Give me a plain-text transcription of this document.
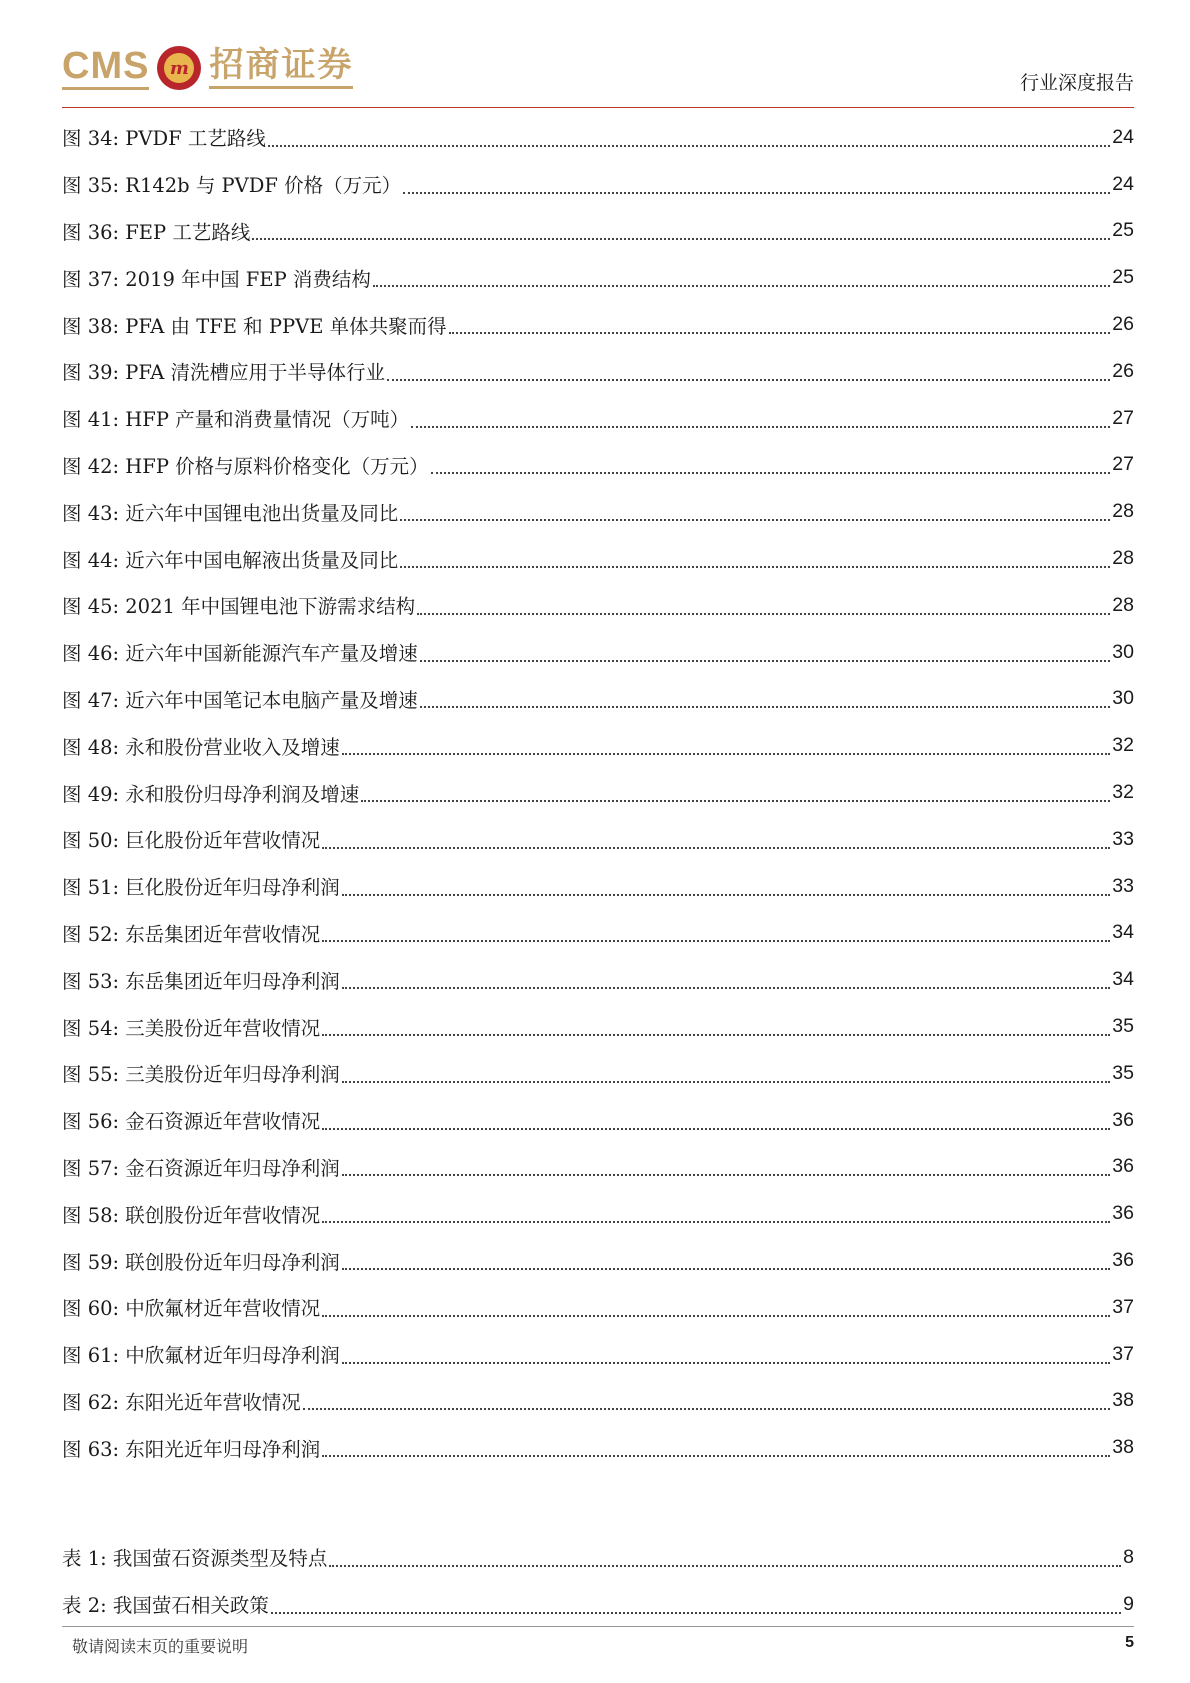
CMS	m 招商证券	行业深度报告
图 34: PVDF 工艺路线	24
图 35: R142b 与 PVDF 价格（万元）	24
图 36: FEP 工艺路线	25
图 37: 2019 年中国 FEP 消费结构	25
图 38: PFA 由 TFE 和 PPVE 单体共聚而得	26
图 39: PFA 清洗槽应用于半导体行业	26
图 41: HFP 产量和消费量情况（万吨）	27
图 42: HFP 价格与原料价格变化（万元）	27
图 43: 近六年中国锂电池出货量及同比	28
图 44: 近六年中国电解液出货量及同比	28
图 45: 2021 年中国锂电池下游需求结构	28
图 46: 近六年中国新能源汽车产量及增速	30
图 47: 近六年中国笔记本电脑产量及增速	30
图 48: 永和股份营业收入及增速	32
图 49: 永和股份归母净利润及增速	32
图 50: 巨化股份近年营收情况	33
图 51: 巨化股份近年归母净利润	33
图 52: 东岳集团近年营收情况	34
图 53: 东岳集团近年归母净利润	34
图 54: 三美股份近年营收情况	35
图 55: 三美股份近年归母净利润	35
图 56: 金石资源近年营收情况	36
图 57: 金石资源近年归母净利润	36
图 58: 联创股份近年营收情况	36
图 59: 联创股份近年归母净利润	36
图 60: 中欣氟材近年营收情况	37
图 61: 中欣氟材近年归母净利润	37
图 62: 东阳光近年营收情况	38
图 63: 东阳光近年归母净利润	38
表 1: 我国萤石资源类型及特点	8
表 2: 我国萤石相关政策	9
敬请阅读末页的重要说明	5
